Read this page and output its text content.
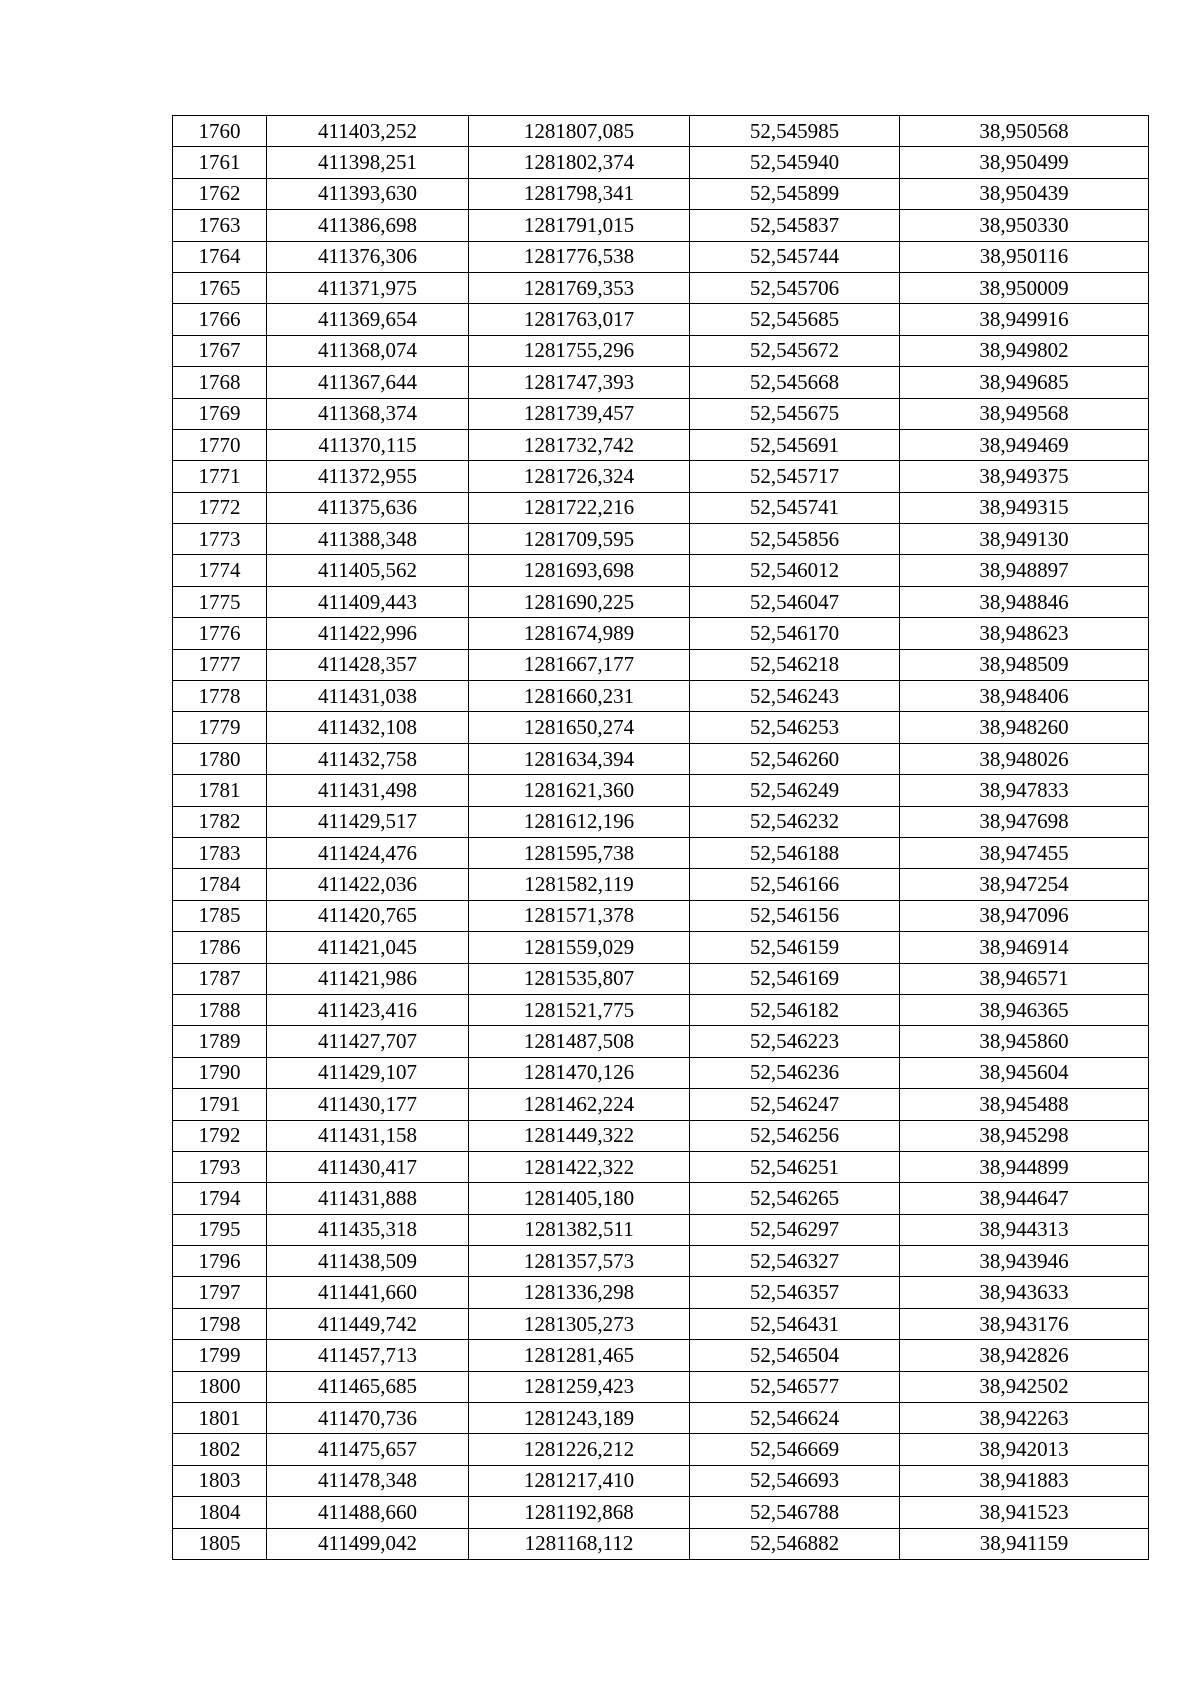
1760	411403,252	1281807,085	52,545985	38,950568
1761	411398,251	1281802,374	52,545940	38,950499
1762	411393,630	1281798,341	52,545899	38,950439
1763	411386,698	1281791,015	52,545837	38,950330
1764	411376,306	1281776,538	52,545744	38,950116
1765	411371,975	1281769,353	52,545706	38,950009
1766	411369,654	1281763,017	52,545685	38,949916
1767	411368,074	1281755,296	52,545672	38,949802
1768	411367,644	1281747,393	52,545668	38,949685
1769	411368,374	1281739,457	52,545675	38,949568
1770	411370,115	1281732,742	52,545691	38,949469
1771	411372,955	1281726,324	52,545717	38,949375
1772	411375,636	1281722,216	52,545741	38,949315
1773	411388,348	1281709,595	52,545856	38,949130
1774	411405,562	1281693,698	52,546012	38,948897
1775	411409,443	1281690,225	52,546047	38,948846
1776	411422,996	1281674,989	52,546170	38,948623
1777	411428,357	1281667,177	52,546218	38,948509
1778	411431,038	1281660,231	52,546243	38,948406
1779	411432,108	1281650,274	52,546253	38,948260
1780	411432,758	1281634,394	52,546260	38,948026
1781	411431,498	1281621,360	52,546249	38,947833
1782	411429,517	1281612,196	52,546232	38,947698
1783	411424,476	1281595,738	52,546188	38,947455
1784	411422,036	1281582,119	52,546166	38,947254
1785	411420,765	1281571,378	52,546156	38,947096
1786	411421,045	1281559,029	52,546159	38,946914
1787	411421,986	1281535,807	52,546169	38,946571
1788	411423,416	1281521,775	52,546182	38,946365
1789	411427,707	1281487,508	52,546223	38,945860
1790	411429,107	1281470,126	52,546236	38,945604
1791	411430,177	1281462,224	52,546247	38,945488
1792	411431,158	1281449,322	52,546256	38,945298
1793	411430,417	1281422,322	52,546251	38,944899
1794	411431,888	1281405,180	52,546265	38,944647
1795	411435,318	1281382,511	52,546297	38,944313
1796	411438,509	1281357,573	52,546327	38,943946
1797	411441,660	1281336,298	52,546357	38,943633
1798	411449,742	1281305,273	52,546431	38,943176
1799	411457,713	1281281,465	52,546504	38,942826
1800	411465,685	1281259,423	52,546577	38,942502
1801	411470,736	1281243,189	52,546624	38,942263
1802	411475,657	1281226,212	52,546669	38,942013
1803	411478,348	1281217,410	52,546693	38,941883
1804	411488,660	1281192,868	52,546788	38,941523
1805	411499,042	1281168,112	52,546882	38,941159
